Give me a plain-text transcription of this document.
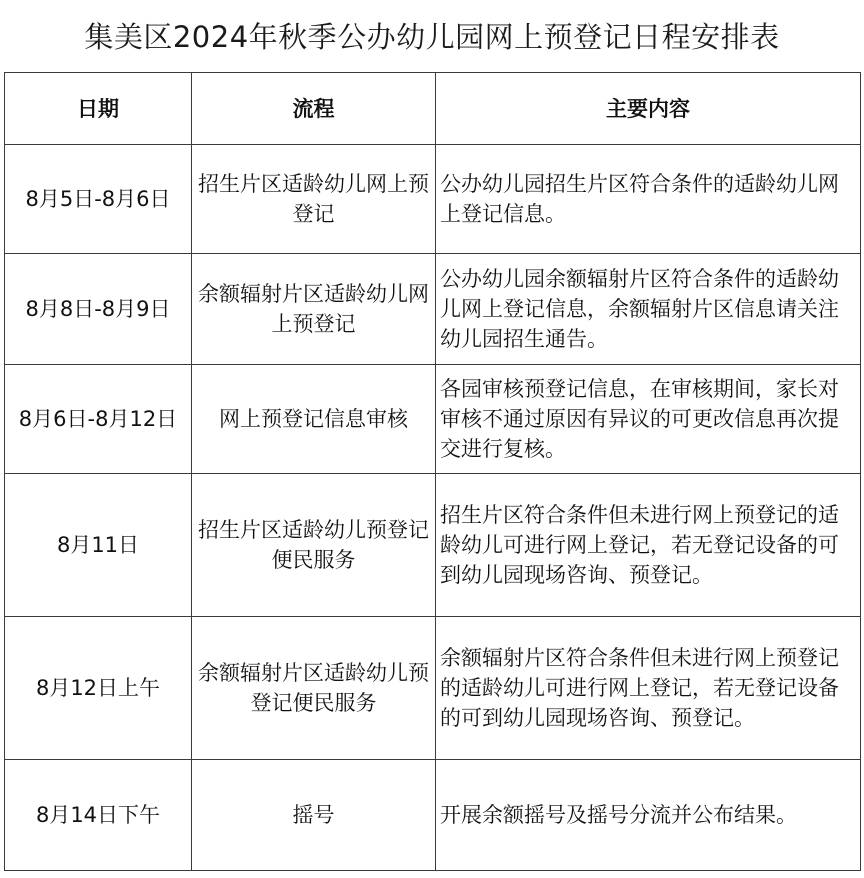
集美区2024年秋季公办幼儿园网上预登记日程安排表
日期	流程	主要内容
8月5日-8月6日	招生片区适龄幼儿网上预登记	公办幼儿园招生片区符合条件的适龄幼儿网上登记信息。
8月8日-8月9日	余额辐射片区适龄幼儿网上预登记	公办幼儿园余额辐射片区符合条件的适龄幼儿网上登记信息，余额辐射片区信息请关注幼儿园招生通告。
8月6日-8月12日	网上预登记信息审核	各园审核预登记信息，在审核期间，家长对审核不通过原因有异议的可更改信息再次提交进行复核。
8月11日	招生片区适龄幼儿预登记便民服务	招生片区符合条件但未进行网上预登记的适龄幼儿可进行网上登记，若无登记设备的可到幼儿园现场咨询、预登记。
8月12日上午	余额辐射片区适龄幼儿预登记便民服务	余额辐射片区符合条件但未进行网上预登记的适龄幼儿可进行网上登记，若无登记设备的可到幼儿园现场咨询、预登记。
8月14日下午	摇号	开展余额摇号及摇号分流并公布结果。
